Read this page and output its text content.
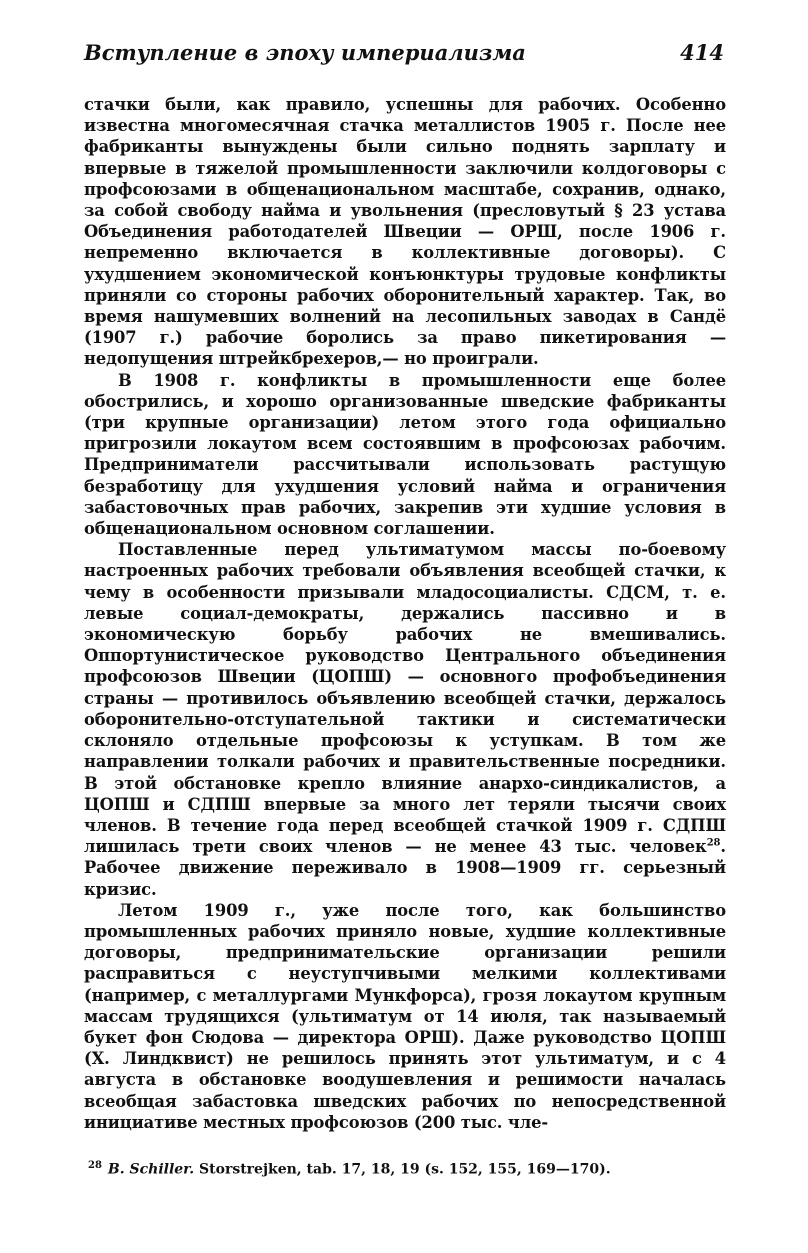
Вступление в эпоху империализма	414

стачки были, как правило, успешны для рабочих. Особенно известна многомесячная стачка металлистов 1905 г. После нее фабриканты вынуждены были сильно поднять зарплату и впервые в тяжелой промышленности заключили колдоговоры с профсоюзами в общенациональном масштабе, сохранив, однако, за собой свободу найма и увольнения (пресловутый § 23 устава Объединения работодателей Швеции — ОРШ, после 1906 г. непременно включается в коллективные договоры). С ухудшением экономической конъюнктуры трудовые конфликты приняли со стороны рабочих оборонительный характер. Так, во время нашумевших волнений на лесопильных заводах в Сандё (1907 г.) рабочие боролись за право пикетирования — недопущения штрейкбрехеров,— но проиграли.

В 1908 г. конфликты в промышленности еще более обострились, и хорошо организованные шведские фабриканты (три крупные организации) летом этого года официально пригрозили локаутом всем состоявшим в профсоюзах рабочим. Предприниматели рассчитывали использовать растущую безработицу для ухудшения условий найма и ограничения забастовочных прав рабочих, закрепив эти худшие условия в общенациональном основном соглашении.

Поставленные перед ультиматумом массы по-боевому настроенных рабочих требовали объявления всеобщей стачки, к чему в особенности призывали младосоциалисты. СДСМ, т. е. левые социал-демократы, держались пассивно и в экономическую борьбу рабочих не вмешивались. Оппортунистическое руководство Центрального объединения профсоюзов Швеции (ЦОПШ) — основного профобъединения страны — противилось объявлению всеобщей стачки, держалось оборонительно-отступательной тактики и систематически склоняло отдельные профсоюзы к уступкам. В том же направлении толкали рабочих и правительственные посредники. В этой обстановке крепло влияние анархо-синдикалистов, а ЦОПШ и СДПШ впервые за много лет теряли тысячи своих членов. В течение года перед всеобщей стачкой 1909 г. СДПШ лишилась трети своих членов — не менее 43 тыс. человек$^{28}$. Рабочее движение переживало в 1908—1909 гг. серьезный кризис.

Летом 1909 г., уже после того, как большинство промышленных рабочих приняло новые, худшие коллективные договоры, предпринимательские организации решили расправиться с неуступчивыми мелкими коллективами (например, с металлургами Мункфорса), грозя локаутом крупным массам трудящихся (ультиматум от 14 июля, так называемый букет фон Сюдова — директора ОРШ). Даже руководство ЦОПШ (Х. Линдквист) не решилось принять этот ультиматум, и с 4 августа в обстановке воодушевления и решимости началась всеобщая забастовка шведских рабочих по непосредственной инициативе местных профсоюзов (200 тыс. чле-

$^{28}$ B. Schiller. Storstrejken, tab. 17, 18, 19 (s. 152, 155, 169—170).
